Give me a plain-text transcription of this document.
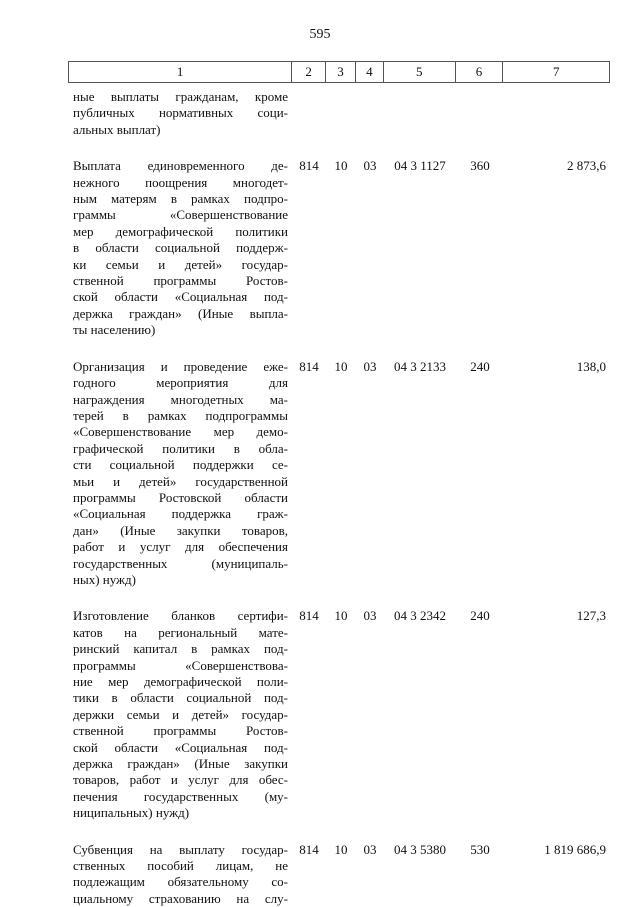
595
1	2	3	4	5	6	7
ные выплаты гражданам, кроме
публичных нормативных соци-
альных выплат)
Выплата единовременного де-
нежного поощрения многодет-
ным матерям в рамках подпро-
граммы «Совершенствование
мер демографической политики
в области социальной поддерж-
ки семьи и детей» государ-
ственной программы Ростов-
ской области «Социальная под-
держка граждан» (Иные выпла-
ты населению)
814	10	03	04 3 1127	360	2 873,6
Организация и проведение еже-
годного мероприятия для
награждения многодетных ма-
терей в рамках подпрограммы
«Совершенствование мер демо-
графической политики в обла-
сти социальной поддержки се-
мьи и детей» государственной
программы Ростовской области
«Социальная поддержка граж-
дан» (Иные закупки товаров,
работ и услуг для обеспечения
государственных (муниципаль-
ных) нужд)
814	10	03	04 3 2133	240	138,0
Изготовление бланков сертифи-
катов на региональный мате-
ринский капитал в рамках под-
программы «Совершенствова-
ние мер демографической поли-
тики в области социальной под-
держки семьи и детей» государ-
ственной программы Ростов-
ской области «Социальная под-
держка граждан» (Иные закупки
товаров, работ и услуг для обес-
печения государственных (му-
ниципальных) нужд)
814	10	03	04 3 2342	240	127,3
Субвенция на выплату государ-
ственных пособий лицам, не
подлежащим обязательному со-
циальному страхованию на слу-
814	10	03	04 3 5380	530	1 819 686,9
